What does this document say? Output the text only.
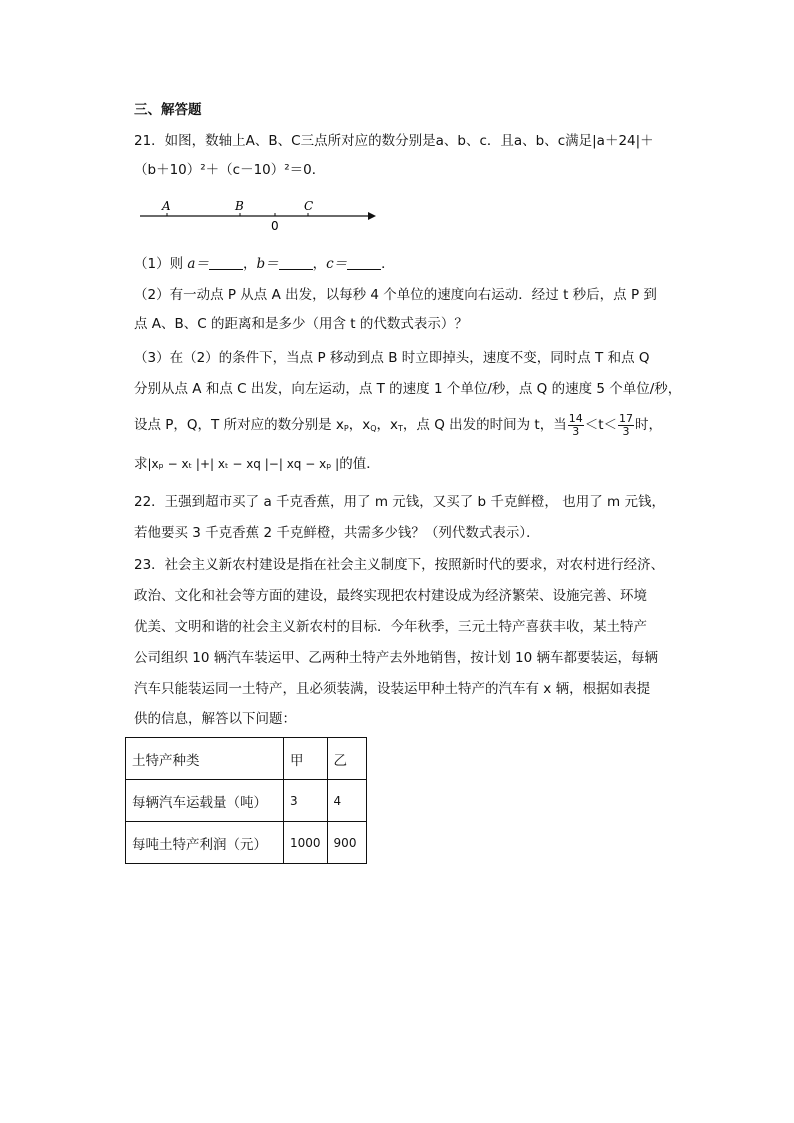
三、解答题
21．如图，数轴上A、B、C三点所对应的数分别是a、b、c．且a、b、c满足|a＋24|＋
（b＋10）²＋（c－10）²＝0．
A	B	C
0
（1）则 a＝	，b＝	，c＝	．
（2）有一动点 P 从点 A 出发，以每秒 4 个单位的速度向右运动．经过 t 秒后，点 P 到
点 A、B、C 的距离和是多少（用含 t 的代数式表示）？
（3）在（2）的条件下，当点 P 移动到点 B 时立即掉头，速度不变，同时点 T 和点 Q
分别从点 A 和点 C 出发，向左运动，点 T 的速度 1 个单位/秒，点 Q 的速度 5 个单位/秒，
设点 P，Q，T 所对应的数分别是 $x_P$，$x_Q$，$x_T$，点 Q 出发的时间为 t，当 $\frac{14}{3} <t< \frac{17}{3}$ 时，
求|xₚ − xₜ |+| xₜ − xq |−| xq − xₚ |的值．
22．王强到超市买了 a 千克香蕉，用了 m 元钱，又买了 b 千克鲜橙， 也用了 m 元钱，
若他要买 3 千克香蕉 2 千克鲜橙，共需多少钱？（列代数式表示）．
23．社会主义新农村建设是指在社会主义制度下，按照新时代的要求，对农村进行经济、
政治、文化和社会等方面的建设，最终实现把农村建设成为经济繁荣、设施完善、环境
优美、文明和谐的社会主义新农村的目标．今年秋季，三元土特产喜获丰收，某土特产
公司组织 10 辆汽车装运甲、乙两种土特产去外地销售，按计划 10 辆车都要装运，每辆
汽车只能装运同一土特产，且必须装满，设装运甲种土特产的汽车有 x 辆，根据如表提
供的信息，解答以下问题：
土特产种类	甲	乙
每辆汽车运载量（吨）	3	4
每吨土特产利润（元）	1000	900
